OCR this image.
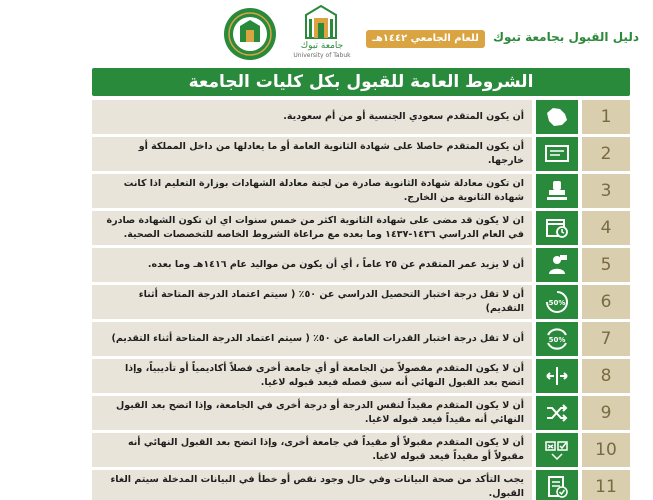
دليل القبول بجامعة تبوك للعام الجامعي ١٤٤٢هـ
جامعة تبوك
University of Tabuk
الشروط العامة للقبول بكل كليات الجامعة
1
أن يكون المتقدم سعودي الجنسية أو من أم سعودية.
2
أن يكون المتقدم حاصلا على شهادة الثانوية العامة أو ما يعادلها من داخل المملكة أو خارجها.
3
ان تكون معادلة شهادة الثانوية صادرة من لجنة معادلة الشهادات بوزارة التعليم اذا كانت شهادة الثانوية من الخارج.
4
ان لا يكون قد مضى على شهادة الثانوية اكثر من خمس سنوات اي ان تكون الشهادة صادرة في العام الدراسي ١٤٣٦-١٤٣٧ وما بعده مع مراعاة الشروط الخاصه للتخصصات الصحية.
5
أن لا يزيد عمر المتقدم عن ٢٥ عاماً ، أي أن يكون من مواليد عام ١٤١٦هـ وما بعده.
6
50%
أن لا تقل درجة اختبار التحصيل الدراسي عن ٥٠٪ ( سيتم اعتماد الدرجة المتاحة أثناء التقديم)
7
50%
أن لا تقل درجة اختبار القدرات العامة عن ٥٠٪ ( سيتم اعتماد الدرجة المتاحة أثناء التقديم)
8
أن لا يكون المتقدم مفصولاً من الجامعة أو أي جامعة أخرى فصلاً أكاديمياً أو تأديبياً، وإذا اتضح بعد القبول النهائي أنه سبق فصله فيعد قبوله لاغيا.
9
أن لا يكون المتقدم مقيداً لنفس الدرجة أو درجة أخرى في الجامعة، وإذا اتضح بعد القبول النهائي أنه مقيداً فيعد قبوله لاغيا.
10
أن لا يكون المتقدم مقبولاً أو مقيداً في جامعة أخرى، وإذا اتضح بعد القبول النهائي أنه مقبولاً أو مقيداً فيعد قبوله لاغيا.
11
يجب التأكد من صحة البيانات وفي حال وجود نقص أو خطأ في البيانات المدخلة سيتم الغاء القبول.
